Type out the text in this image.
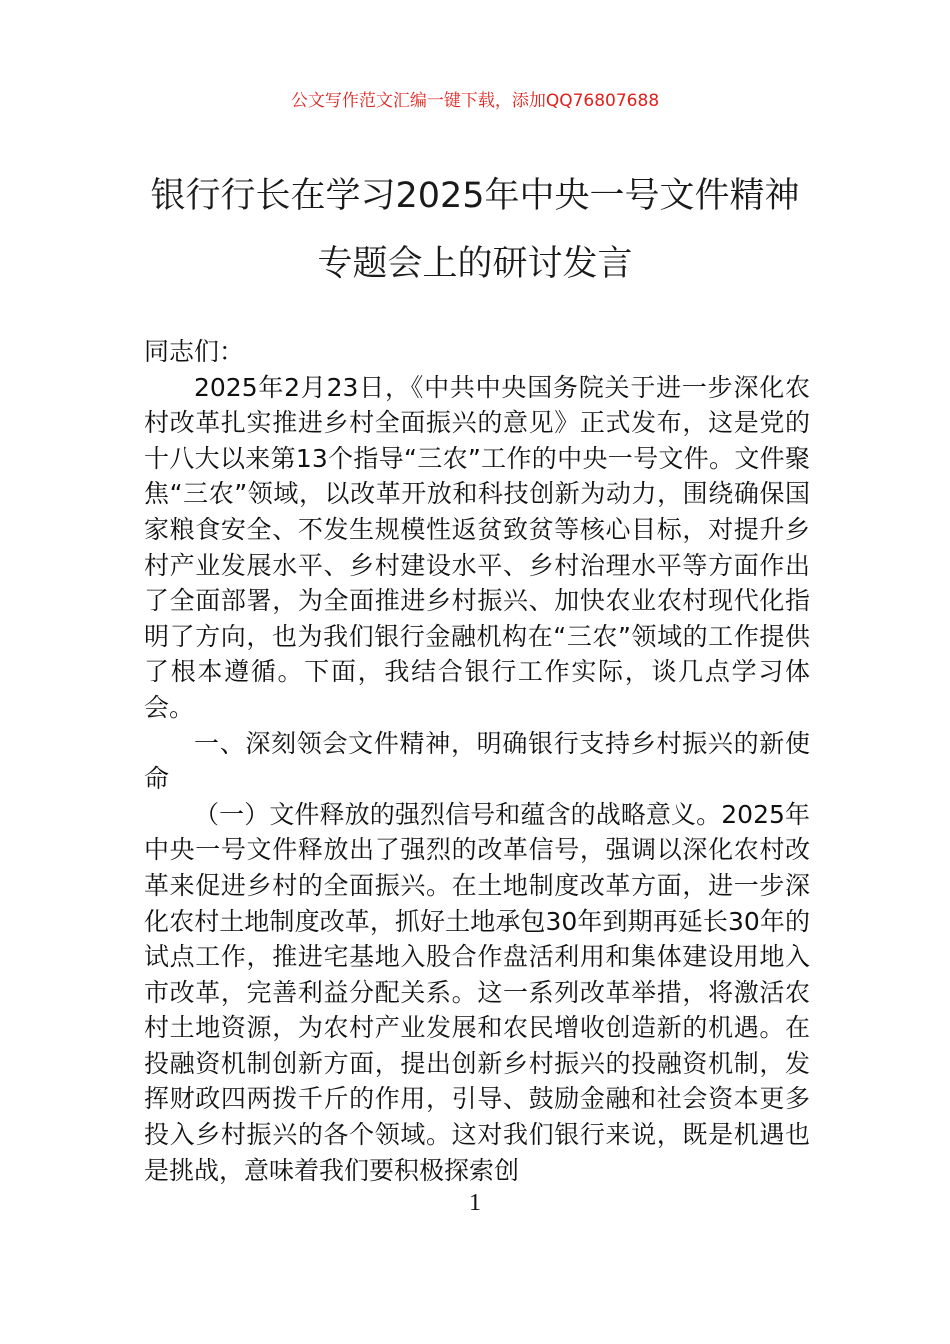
公文写作范文汇编一键下载，添加QQ76807688
银行行长在学习2025年中央一号文件精神
专题会上的研讨发言

同志们：

2025年2月23日，《中共中央国务院关于进一步深化农村改革扎实推进乡村全面振兴的意见》正式发布，这是党的十八大以来第13个指导“三农”工作的中央一号文件。文件聚焦“三农”领域，以改革开放和科技创新为动力，围绕确保国家粮食安全、不发生规模性返贫致贫等核心目标，对提升乡村产业发展水平、乡村建设水平、乡村治理水平等方面作出了全面部署，为全面推进乡村振兴、加快农业农村现代化指明了方向，也为我们银行金融机构在“三农”领域的工作提供了根本遵循。下面，我结合银行工作实际，谈几点学习体会。

一、深刻领会文件精神，明确银行支持乡村振兴的新使命

（一）文件释放的强烈信号和蕴含的战略意义。2025年中央一号文件释放出了强烈的改革信号，强调以深化农村改革来促进乡村的全面振兴。在土地制度改革方面，进一步深化农村土地制度改革，抓好土地承包30年到期再延长30年的试点工作，推进宅基地入股合作盘活利用和集体建设用地入市改革，完善利益分配关系。这一系列改革举措，将激活农村土地资源，为农村产业发展和农民增收创造新的机遇。在投融资机制创新方面，提出创新乡村振兴的投融资机制，发挥财政四两拨千斤的作用，引导、鼓励金融和社会资本更多投入乡村振兴的各个领域。这对我们银行来说，既是机遇也是挑战，意味着我们要积极探索创

1
